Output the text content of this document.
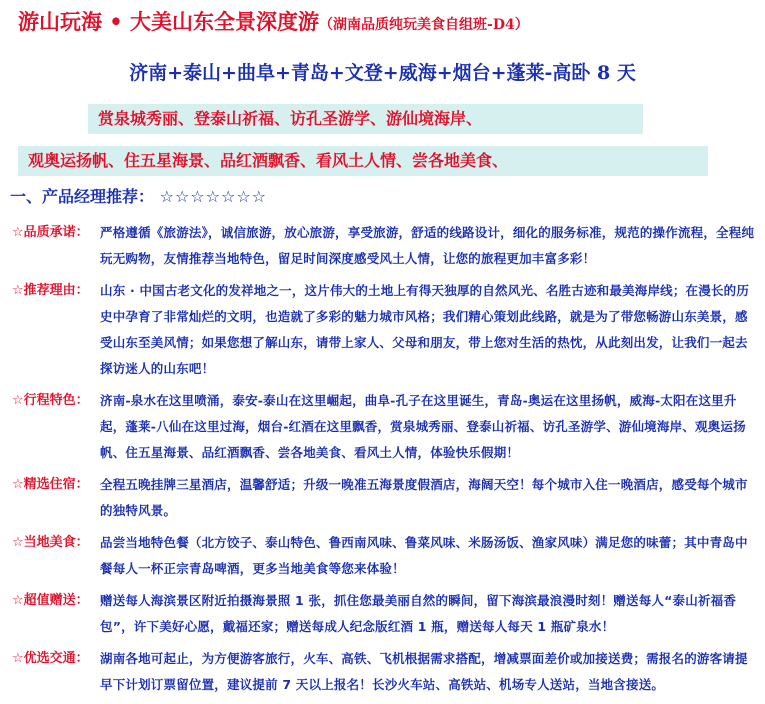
游山玩海 • 大美山东全景深度游（湖南品质纯玩美食自组班-D4）
济南+泰山+曲阜+青岛+文登+威海+烟台+蓬莱-高卧 8 天
赏泉城秀丽、登泰山祈福、访孔圣游学、游仙境海岸、
观奥运扬帆、住五星海景、品红酒飘香、看风土人情、尝各地美食、
一、产品经理推荐： ☆☆☆☆☆☆☆
☆品质承诺： 严格遵循《旅游法》，诚信旅游，放心旅游，享受旅游，舒适的线路设计，细化的服务标准，规范的操作流程，全程纯玩无购物，友情推荐当地特色，留足时间深度感受风土人情，让您的旅程更加丰富多彩！
☆推荐理由： 山东 · 中国古老文化的发祥地之一，这片伟大的土地上有得天独厚的自然风光、名胜古迹和最美海岸线；在漫长的历史中孕育了非常灿烂的文明，也造就了多彩的魅力城市风格；我们精心策划此线路，就是为了带您畅游山东美景，感受山东至美风情；如果您想了解山东，请带上家人、父母和朋友，带上您对生活的热忱，从此刻出发，让我们一起去探访迷人的山东吧！
☆行程特色： 济南-泉水在这里喷涌，泰安-泰山在这里崛起，曲阜-孔子在这里诞生，青岛-奥运在这里扬帆，威海-太阳在这里升起，蓬莱-八仙在这里过海，烟台-红酒在这里飘香，赏泉城秀丽、登泰山祈福、访孔圣游学、游仙境海岸、观奥运扬帆、住五星海景、品红酒飘香、尝各地美食、看风土人情，体验快乐假期！
☆精选住宿： 全程五晚挂牌三星酒店，温馨舒适；升级一晚准五海景度假酒店，海阔天空！每个城市入住一晚酒店，感受每个城市的独特风景。
☆当地美食： 品尝当地特色餐（北方饺子、泰山特色、鲁西南风味、鲁菜风味、米肠汤饭、渔家风味）满足您的味蕾；其中青岛中餐每人一杯正宗青岛啤酒，更多当地美食等您来体验！
☆超值赠送： 赠送每人海滨景区附近拍摄海景照 1 张，抓住您最美丽自然的瞬间，留下海滨最浪漫时刻！赠送每人“泰山祈福香包”，许下美好心愿，戴福还家；赠送每成人纪念版红酒 1 瓶，赠送每人每天 1 瓶矿泉水！
☆优选交通： 湖南各地可起止，为方便游客旅行，火车、高铁、飞机根据需求搭配，增减票面差价或加接送费；需报名的游客请提早下计划订票留位置，建议提前 7 天以上报名！长沙火车站、高铁站、机场专人送站，当地含接送。
